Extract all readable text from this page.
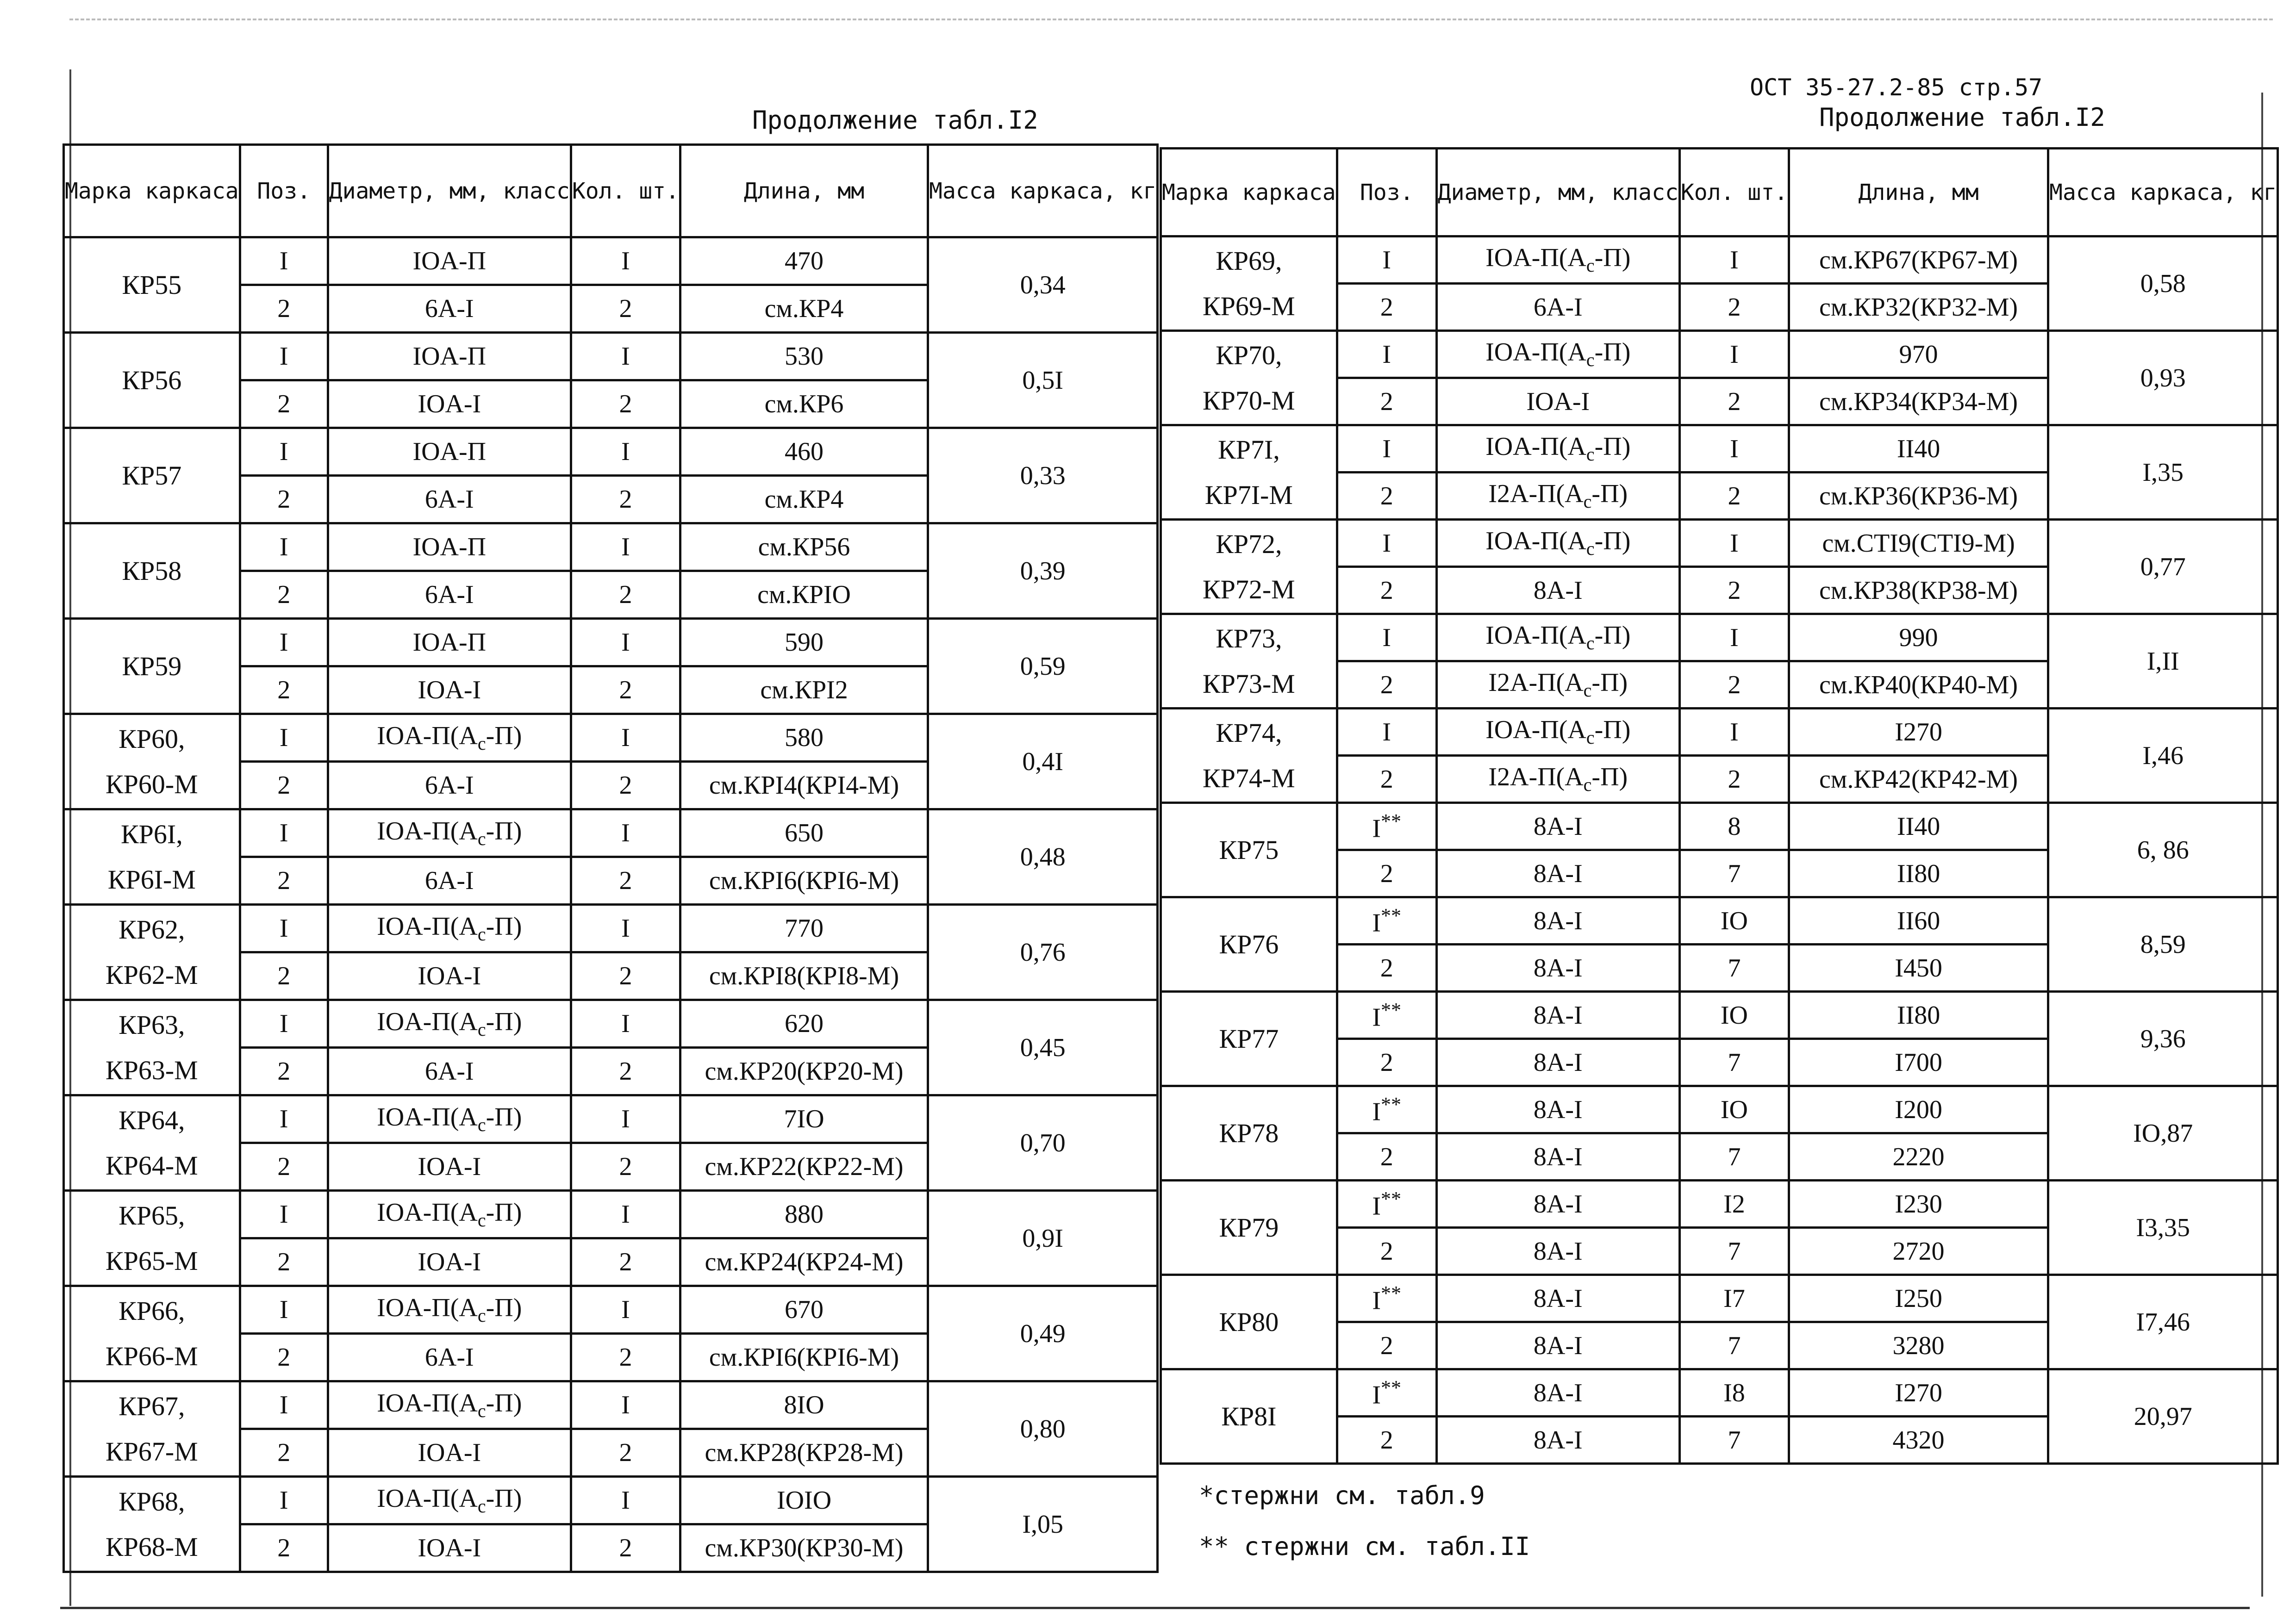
ОСТ 35-27.2-85 стр.57
Продолжение табл.I2	Продолжение табл.I2
Марка каркаса	Поз.	Диаметр, мм, класс	Кол. шт.	Длина, мм	Масса каркаса, кг
КР55	I	IOA-П	I	470	0,34
	2	6A-I	2	см.КР4	
КР56	I	IOA-П	I	530	0,5I
	2	IOA-I	2	см.КР6	
КР57	I	IOA-П	I	460	0,33
	2	6A-I	2	см.КР4	
КР58	I	IOA-П	I	см.КР56	0,39
	2	6A-I	2	см.КРIO	
КР59	I	IOA-П	I	590	0,59
	2	IOA-I	2	см.КРI2	
КР60,
КР60-М	I	IOA-$П(A_с-П)$	I	580	0,4I
	2	6A-I	2	см.КРI4(КРI4-М)	
КР6I,
КР6I-М	I	IOA-$П(A_с-П)$	I	650	0,48
	2	6A-I	2	см.КРI6(КРI6-М)	
КР62,
КР62-М	I	IOA-$П(A_с-П)$	I	770	0,76
	2	IOA-I	2	см.КРI8(КРI8-М)	
КР63,
КР63-М	I	IOA-$П(A_с-П)$	I	620	0,45
	2	6A-I	2	см.КР20(КР20-М)	
КР64,
КР64-М	I	IOA-$П(A_с-П)$	I	7IO	0,70
	2	IOA-I	2	см.КР22(КР22-М)	
КР65,
КР65-М	I	IOA-$П(A_с-П)$	I	880	0,9I
	2	IOA-I	2	см.КР24(КР24-М)	
КР66,
КР66-М	I	IOA-$П(A_с-П)$	I	670	0,49
	2	6A-I	2	см.КРI6(КРI6-М)	
КР67,
КР67-М	I	IOA-$П(A_с-П)$	I	8IO	0,80
	2	IOA-I	2	см.КР28(КР28-М)	
КР68,
КР68-М	I	IOA-$П(A_с-П)$	I	IOIO	I,05
	2	IOA-I	2	см.КР30(КР30-М)	
Марка каркаса	Поз.	Диаметр, мм, класс	Кол. шт.	Длина, мм	Масса каркаса, кг
КР69,
КР69-М	I	IOA-$П(A_с-П)$	I	см.КР67(КР67-М)	0,58
	2	6A-I	2	см.КР32(КР32-М)	
КР70,
КР70-М	I	IOA-$П(A_с-П)$	I	970	0,93
	2	IOA-I	2	см.КР34(КР34-М)	
КР7I,
КР7I-М	I	IOA-$П(A_с-П)$	I	II40	I,35
	2	$I2A-П(A_с-П)$	2	см.КР36(КР36-М)	
КР72,
КР72-М	I	IOA-$П(A_с-П)$	I	см.СТI9(СТI9-М)	0,77
	2	8A-I	2	см.КР38(КР38-М)	
КР73,
КР73-М	I	IOA-$П(A_с-П)$	I	990	I,II
	2	$I2A-П(A_с-П)$	2	см.КР40(КР40-М)	
КР74,
КР74-М	I	IOA-$П(A_с-П)$	I	I270	I,46
	2	$I2A-П(A_с-П)$	2	см.КР42(КР42-М)	
КР75	I**	8A-I	8	II40	6, 86
	2	8A-I	7	II80	
КР76	I**	8A-I	IO	II60	8,59
	2	8A-I	7	I450	
КР77	I**	8A-I	IO	II80	9,36
	2	8A-I	7	I700	
КР78	I**	8A-I	IO	I200	IO,87
	2	8A-I	7	2220	
КР79	I**	8A-I	I2	I230	I3,35
	2	8A-I	7	2720	
КР80	I**	8A-I	I7	I250	I7,46
	2	8A-I	7	3280	
КР8I	I**	8A-I	I8	I270	20,97
	2	8A-I	7	4320	
*стержни см. табл.9
** стержни см. табл.II
